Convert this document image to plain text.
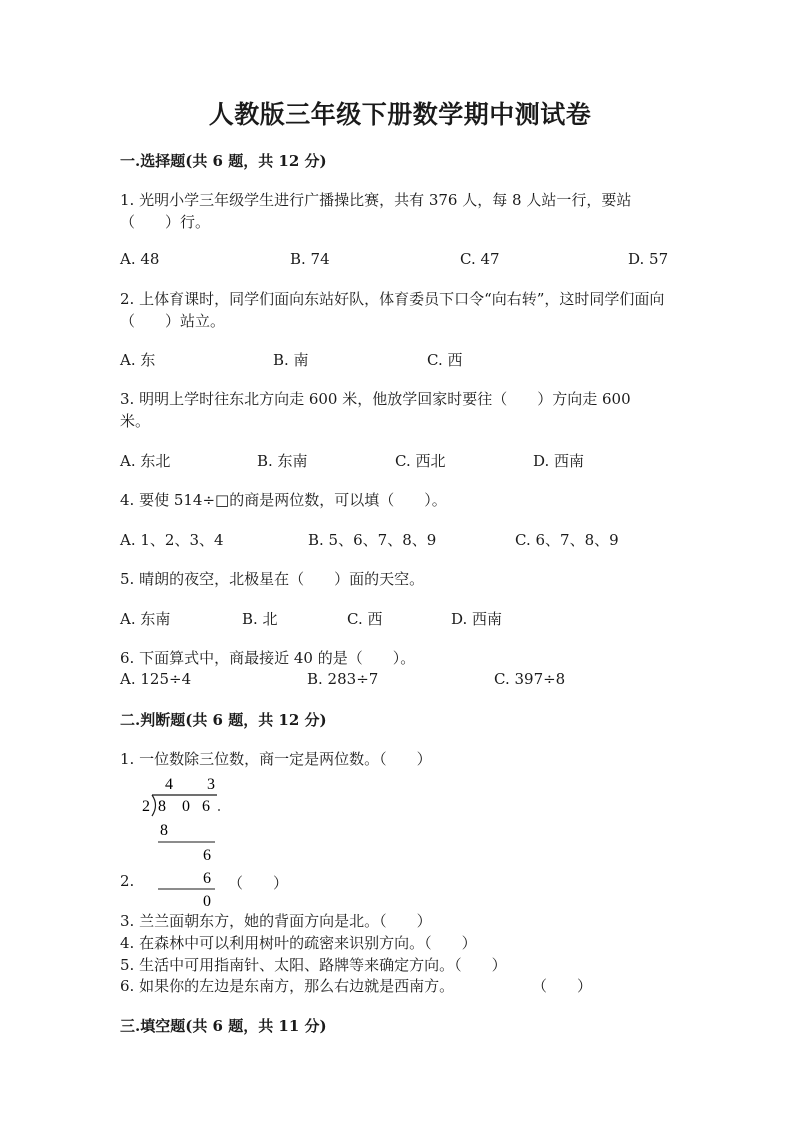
人教版三年级下册数学期中测试卷
一.选择题(共 6 题，共 12 分)
1. 光明小学三年级学生进行广播操比赛，共有 376 人，每 8 人站一行，要站（　　）行。
A. 48	B. 74	C. 47	D. 57
2. 上体育课时，同学们面向东站好队，体育委员下口令“向右转”，这时同学们面向（　　）站立。
A. 东	B. 南	C. 西
3. 明明上学时往东北方向走 600 米，他放学回家时要往（　　）方向走 600 米。
A. 东北	B. 东南	C. 西北	D. 西南
4. 要使 514÷□的商是两位数，可以填（　　）。
A. 1、2、3、4	B. 5、6、7、8、9	C. 6、7、8、9
5. 晴朗的夜空，北极星在（　　）面的天空。
A. 东南	B. 北	C. 西	D. 西南
6. 下面算式中，商最接近 40 的是（　　）。
A. 125÷4	B. 283÷7	C. 397÷8
二.判断题(共 6 题，共 12 分)
1. 一位数除三位数，商一定是两位数。（　　）
4 3
2 8 0 6
8
6
6
0
2.	（　　）
3. 兰兰面朝东方，她的背面方向是北。（　　）
4. 在森林中可以利用树叶的疏密来识别方向。（　　）
5. 生活中可用指南针、太阳、路牌等来确定方向。（　　）
6. 如果你的左边是东南方，那么右边就是西南方。	（　　）
三.填空题(共 6 题，共 11 分)
